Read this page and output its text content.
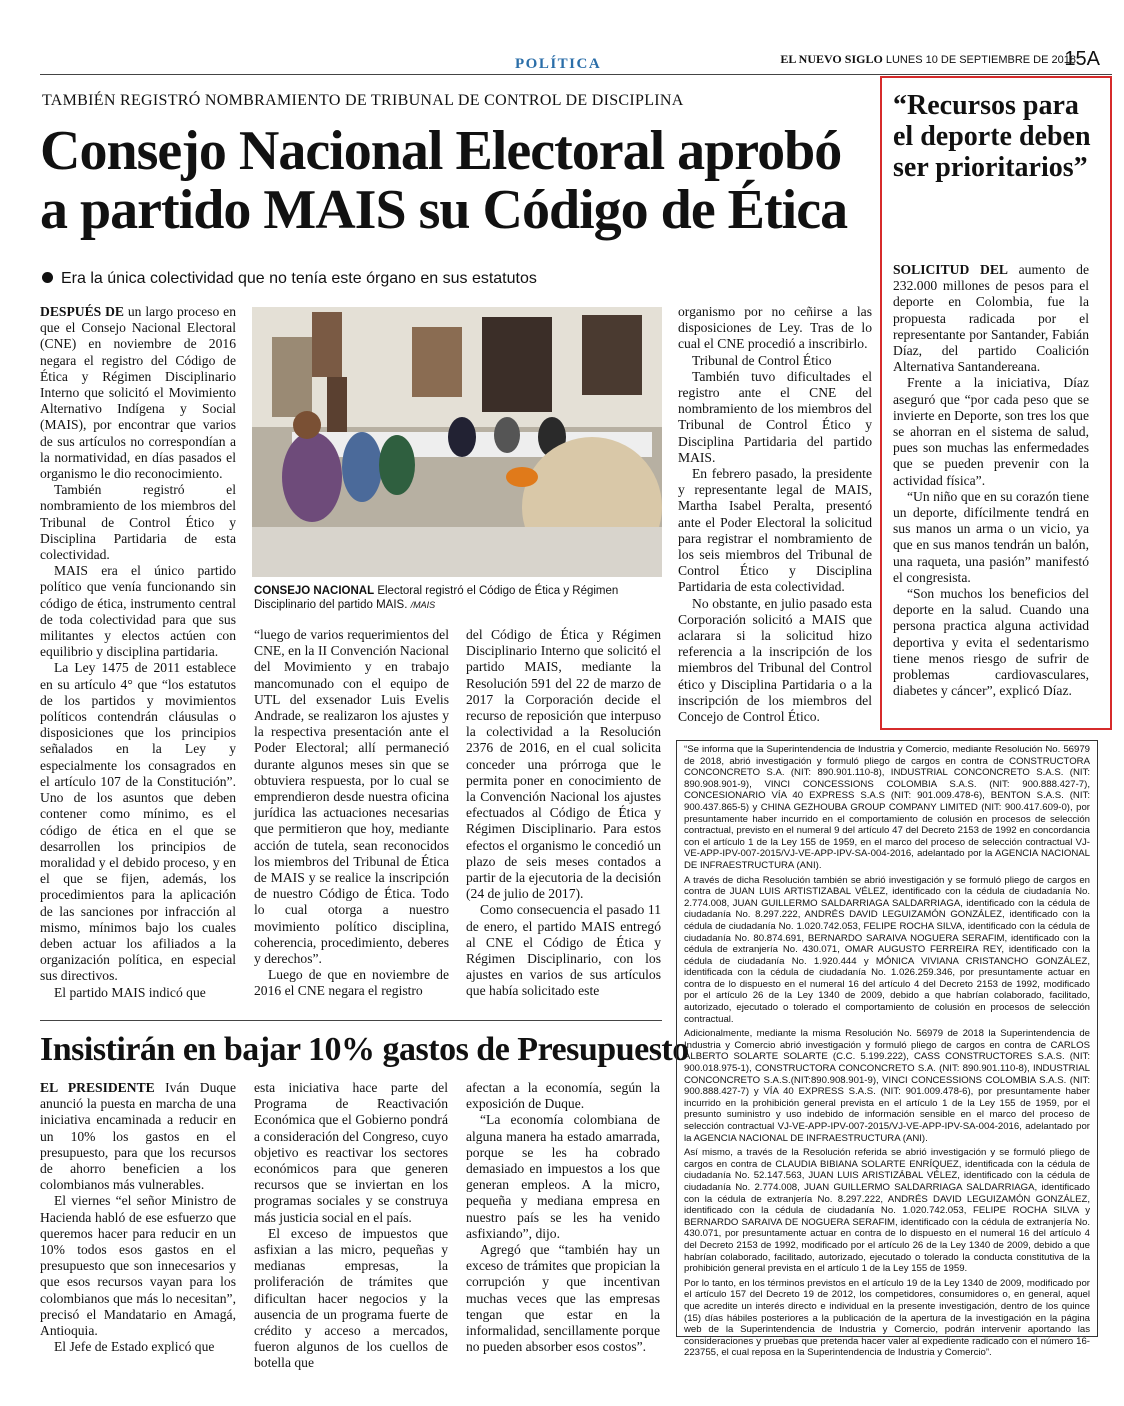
POLÍTICA	EL NUEVO SIGLO LUNES 10 DE SEPTIEMBRE DE 2018
15A
TAMBIÉN REGISTRÓ NOMBRAMIENTO DE TRIBUNAL DE CONTROL DE DISCIPLINA
Consejo Nacional Electoral aprobó a partido MAIS su Código de Ética
Era la única colectividad que no tenía este órgano en sus estatutos

DESPUÉS DE un largo proceso en que el Consejo Nacional Electoral (CNE) en noviembre de 2016 negara el registro del Código de Ética y Régimen Disciplinario Interno que solicitó el Movimiento Alternativo Indígena y Social (MAIS), por encontrar que varios de sus artículos no correspondían a la normatividad, en días pasados el organismo le dio reconocimiento.

También registró el nombramiento de los miembros del Tribunal de Control Ético y Disciplina Partidaria de esta colectividad.

MAIS era el único partido político que venía funcionando sin código de ética, instrumento central de toda colectividad para que sus militantes y electos actúen con equilibrio y disciplina partidaria.

La Ley 1475 de 2011 establece en su artículo 4° que “los estatutos de los partidos y movimientos políticos contendrán cláusulas o disposiciones que los principios señalados en la Ley y especialmente los consagrados en el artículo 107 de la Constitución”. Uno de los asuntos que deben contener como mínimo, es el código de ética en el que se desarrollen los principios de moralidad y el debido proceso, y en el que se fijen, además, los procedimientos para la aplicación de las sanciones por infracción al mismo, mínimos bajo los cuales deben actuar los afiliados a la organización política, en especial sus directivos.

El partido MAIS indicó que

CONSEJO NACIONAL Electoral registró el Código de Ética y Régimen Disciplinario del partido MAIS. /MAIS

“luego de varios requerimientos del CNE, en la II Convención Nacional del Movimiento y en trabajo mancomunado con el equipo de UTL del exsenador Luis Evelis Andrade, se realizaron los ajustes y la respectiva presentación ante el Poder Electoral; allí permaneció durante algunos meses sin que se obtuviera respuesta, por lo cual se emprendieron desde nuestra oficina jurídica las actuaciones necesarias que permitieron que hoy, mediante acción de tutela, sean reconocidos los miembros del Tribunal de Ética de MAIS y se realice la inscripción de nuestro Código de Ética. Todo lo cual otorga a nuestro movimiento político disciplina, coherencia, procedimiento, deberes y derechos”.

Luego de que en noviembre de 2016 el CNE negara el registro

del Código de Ética y Régimen Disciplinario Interno que solicitó el partido MAIS, mediante la Resolución 591 del 22 de marzo de 2017 la Corporación decide el recurso de reposición que interpuso la colectividad a la Resolución 2376 de 2016, en el cual solicita conceder una prórroga que le permita poner en conocimiento de la Convención Nacional los ajustes efectuados al Código de Ética y Régimen Disciplinario. Para estos efectos el organismo le concedió un plazo de seis meses contados a partir de la ejecutoria de la decisión (24 de julio de 2017).

Como consecuencia el pasado 11 de enero, el partido MAIS entregó al CNE el Código de Ética y Régimen Disciplinario, con los ajustes en varios de sus artículos que había solicitado este

organismo por no ceñirse a las disposiciones de Ley. Tras de lo cual el CNE procedió a inscribirlo.

Tribunal de Control Ético

También tuvo dificultades el registro ante el CNE del nombramiento de los miembros del Tribunal de Control Ético y Disciplina Partidaria del partido MAIS.

En febrero pasado, la presidente y representante legal de MAIS, Martha Isabel Peralta, presentó ante el Poder Electoral la solicitud para registrar el nombramiento de los seis miembros del Tribunal de Control Ético y Disciplina Partidaria de esta colectividad.

No obstante, en julio pasado esta Corporación solicitó a MAIS que aclarara si la solicitud hizo referencia a la inscripción de los miembros del Tribunal del Control ético y Disciplina Partidaria o a la inscripción de los miembros del Concejo de Control Ético.

“Recursos para el deporte deben ser prioritarios”

SOLICITUD DEL aumento de 232.000 millones de pesos para el deporte en Colombia, fue la propuesta radicada por el representante por Santander, Fabián Díaz, del partido Coalición Alternativa Santandereana.

Frente a la iniciativa, Díaz aseguró que “por cada peso que se invierte en Deporte, son tres los que se ahorran en el sistema de salud, pues son muchas las enfermedades que se pueden prevenir con la actividad física”.

“Un niño que en su corazón tiene un deporte, difícilmente tendrá en sus manos un arma o un vicio, ya que en sus manos tendrán un balón, una raqueta, una pasión” manifestó el congresista.

“Son muchos los beneficios del deporte en la salud. Cuando una persona practica alguna actividad deportiva y evita el sedentarismo tiene menos riesgo de sufrir de problemas cardiovasculares, diabetes y cáncer”, explicó Díaz.

Insistirán en bajar 10% gastos de Presupuesto

EL PRESIDENTE Iván Duque anunció la puesta en marcha de una iniciativa encaminada a reducir en un 10% los gastos en el presupuesto, para que los recursos de ahorro beneficien a los colombianos más vulnerables.

El viernes “el señor Ministro de Hacienda habló de ese esfuerzo que queremos hacer para reducir en un 10% todos esos gastos en el presupuesto que son innecesarios y que esos recursos vayan para los colombianos que más lo necesitan”, precisó el Mandatario en Amagá, Antioquia.

El Jefe de Estado explicó que

esta iniciativa hace parte del Programa de Reactivación Económica que el Gobierno pondrá a consideración del Congreso, cuyo objetivo es reactivar los sectores económicos para que generen recursos que se inviertan en los programas sociales y se construya más justicia social en el país.

El exceso de impuestos que asfixian a las micro, pequeñas y medianas empresas, la proliferación de trámites que dificultan hacer negocios y la ausencia de un programa fuerte de crédito y acceso a mercados, fueron algunos de los cuellos de botella que

afectan a la economía, según la exposición de Duque.

“La economía colombiana de alguna manera ha estado amarrada, porque se les ha cobrado demasiado en impuestos a los que generan empleos. A la micro, pequeña y mediana empresa en nuestro país se les ha venido asfixiando”, dijo.

Agregó que “también hay un exceso de trámites que propician la corrupción y que incentivan muchas veces que las empresas tengan que estar en la informalidad, sencillamente porque no pueden absorber esos costos”.

“Se informa que la Superintendencia de Industria y Comercio, mediante Resolución No. 56979 de 2018, abrió investigación y formuló pliego de cargos en contra de CONSTRUCTORA CONCONCRETO S.A. (NIT: 890.901.110-8), INDUSTRIAL CONCONCRETO S.A.S. (NIT: 890.908.901-9), VINCI CONCESSIONS COLOMBIA S.A.S. (NIT: 900.888.427-7), CONCESIONARIO VÍA 40 EXPRESS S.A.S (NIT: 901.009.478-6), BENTON S.A.S. (NIT: 900.437.865-5) y CHINA GEZHOUBA GROUP COMPANY LIMITED (NIT: 900.417.609-0), por presuntamente haber incurrido en el comportamiento de colusión en procesos de selección contractual, previsto en el numeral 9 del artículo 47 del Decreto 2153 de 1992 en concordancia con el artículo 1 de la Ley 155 de 1959, en el marco del proceso de selección contractual VJ-VE-APP-IPV-007-2015/VJ-VE-APP-IPV-SA-004-2016, adelantado por la AGENCIA NACIONAL DE INFRAESTRUCTURA (ANI).

A través de dicha Resolución también se abrió investigación y se formuló pliego de cargos en contra de JUAN LUIS ARTISTIZABAL VÉLEZ, identificado con la cédula de ciudadanía No. 2.774.008, JUAN GUILLERMO SALDARRIAGA SALDARRIAGA, identificado con la cédula de ciudadanía No. 8.297.222, ANDRÉS DAVID LEGUIZAMÓN GONZÁLEZ, identificado con la cédula de ciudadanía No. 1.020.742.053, FELIPE ROCHA SILVA, identificado con la cédula de ciudadanía No. 80.874.691, BERNARDO SARAIVA NOGUERA SERAFIM, identificado con la cédula de extranjería No. 430.071, OMAR AUGUSTO FERREIRA REY, identificado con la cédula de ciudadanía No. 1.920.444 y MÓNICA VIVIANA CRISTANCHO GONZÁLEZ, identificada con la cédula de ciudadanía No. 1.026.259.346, por presuntamente actuar en contra de lo dispuesto en el numeral 16 del artículo 4 del Decreto 2153 de 1992, modificado por el artículo 26 de la Ley 1340 de 2009, debido a que habrían colaborado, facilitado, autorizado, ejecutado o tolerado el comportamiento de colusión en procesos de selección contractual.

Adicionalmente, mediante la misma Resolución No. 56979 de 2018 la Superintendencia de Industria y Comercio abrió investigación y formuló pliego de cargos en contra de CARLOS ALBERTO SOLARTE SOLARTE (C.C. 5.199.222), CASS CONSTRUCTORES S.A.S. (NIT: 900.018.975-1), CONSTRUCTORA CONCONCRETO S.A. (NIT: 890.901.110-8), INDUSTRIAL CONCONCRETO S.A.S.(NIT:890.908.901-9), VINCI CONCESSIONS COLOMBIA S.A.S. (NIT: 900.888.427-7) y VÍA 40 EXPRESS S.A.S. (NIT: 901.009.478-6), por presuntamente haber incurrido en la prohibición general prevista en el artículo 1 de la Ley 155 de 1959, por el presunto suministro y uso indebido de información sensible en el marco del proceso de selección contractual VJ-VE-APP-IPV-007-2015/VJ-VE-APP-IPV-SA-004-2016, adelantado por la AGENCIA NACIONAL DE INFRAESTRUCTURA (ANI).

Así mismo, a través de la Resolución referida se abrió investigación y se formuló pliego de cargos en contra de CLAUDIA BIBIANA SOLARTE ENRÍQUEZ, identificada con la cédula de ciudadanía No. 52.147.563, JUAN LUIS ARISTIZÁBAL VÉLEZ, identificado con la cédula de ciudadanía No. 2.774.008, JUAN GUILLERMO SALDARRIAGA SALDARRIAGA, identificado con la cédula de extranjería No. 8.297.222, ANDRÉS DAVID LEGUIZAMÓN GONZÁLEZ, identificado con la cédula de ciudadanía No. 1.020.742.053, FELIPE ROCHA SILVA y BERNARDO SARAIVA DE NOGUERA SERAFIM, identificado con la cédula de extranjería No. 430.071, por presuntamente actuar en contra de lo dispuesto en el numeral 16 del artículo 4 del Decreto 2153 de 1992, modificado por el artículo 26 de la Ley 1340 de 2009, debido a que habrían colaborado, facilitado, autorizado, ejecutado o tolerado la conducta constitutiva de la prohibición general prevista en el artículo 1 de la Ley 155 de 1959.

Por lo tanto, en los términos previstos en el artículo 19 de la Ley 1340 de 2009, modificado por el artículo 157 del Decreto 19 de 2012, los competidores, consumidores o, en general, aquel que acredite un interés directo e individual en la presente investigación, dentro de los quince (15) días hábiles posteriores a la publicación de la apertura de la investigación en la página web de la Superintendencia de Industria y Comercio, podrán intervenir aportando las consideraciones y pruebas que pretenda hacer valer al expediente radicado con el número 16-223755, el cual reposa en la Superintendencia de Industria y Comercio”.
